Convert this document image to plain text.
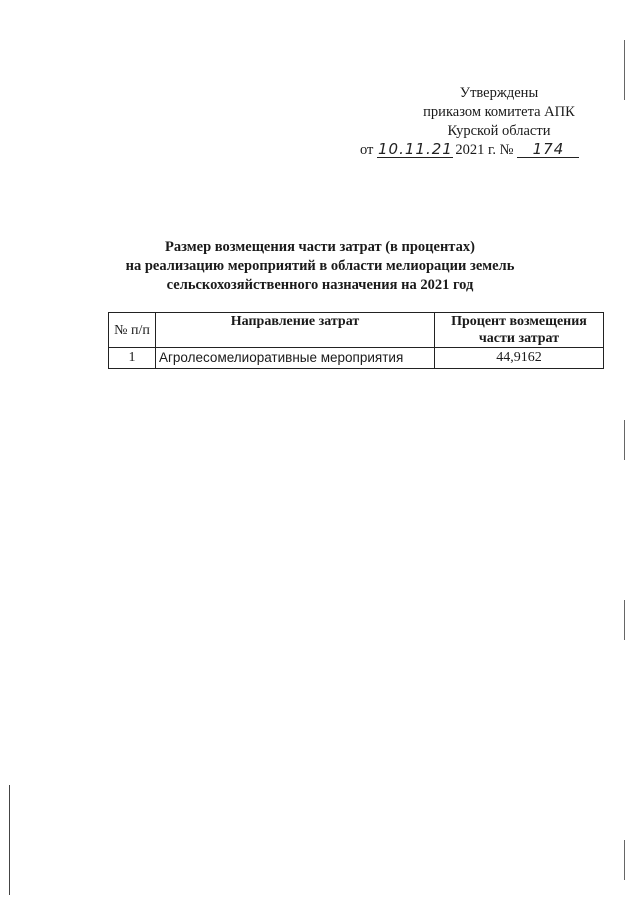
Утверждены
приказом комитета АПК
Курской области
от 10.11.21 2021 г. № 174
Размер возмещения части затрат (в процентах)
на реализацию мероприятий в области мелиорации земель
сельскохозяйственного назначения на 2021 год
№ п/п	Направление затрат	Процент возмещения части затрат
1	Агролесомелиоративные мероприятия	44,9162
